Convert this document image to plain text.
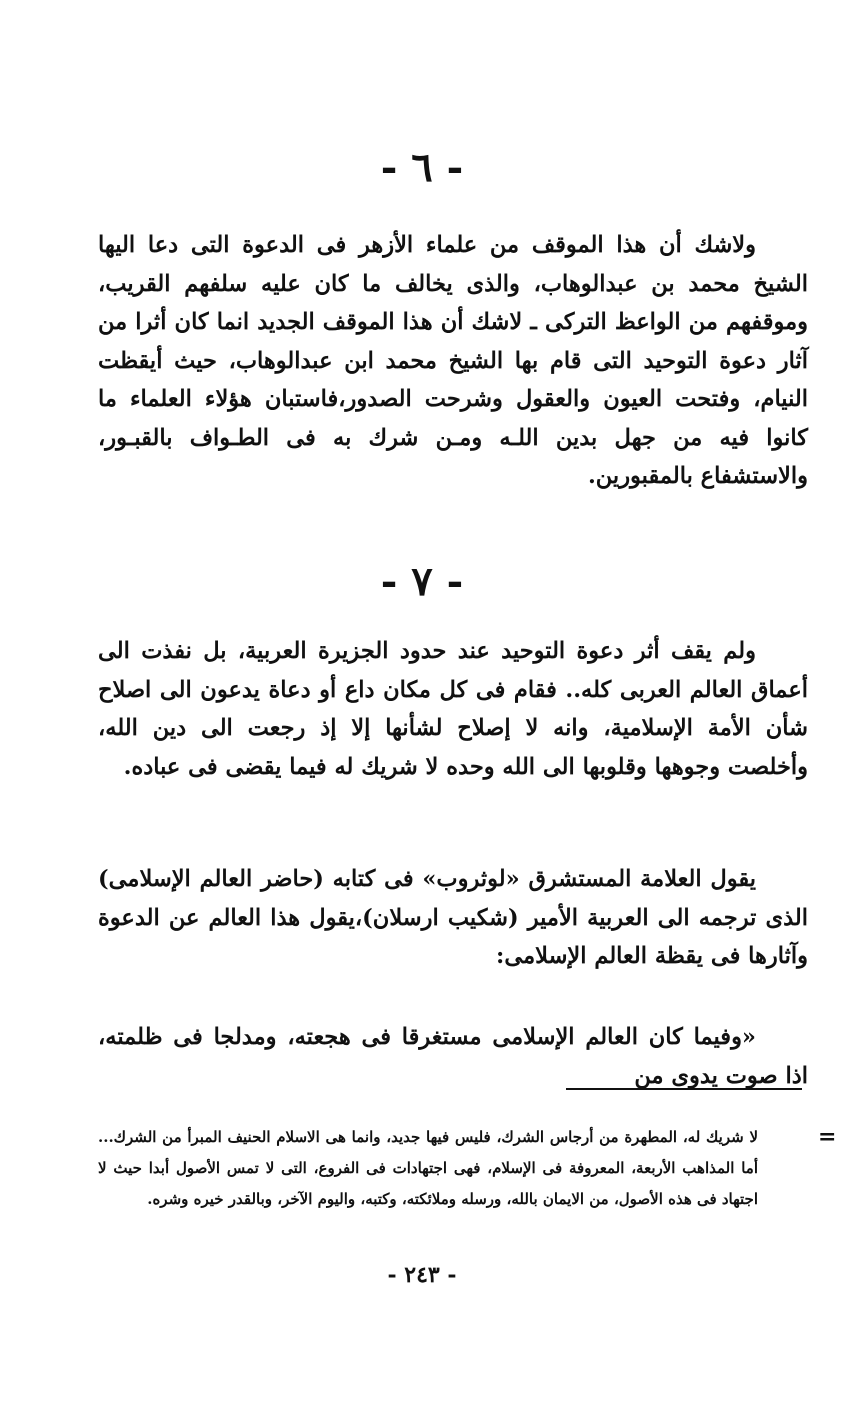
- ٦ -

ولاشك أن هذا الموقف من علماء الأزهر فى الدعوة التى دعا اليها الشيخ محمد بن عبدالوهاب، والذى يخالف ما كان عليه سلفهم القريب، وموقفهم من الواعظ التركى ـ لاشك أن هذا الموقف الجديد انما كان أثرا من آثار دعوة التوحيد التى قام بها الشيخ محمد ابن عبدالوهاب، حيث أيقظت النيام، وفتحت العيون والعقول وشرحت الصدور،فاستبان هؤلاء العلماء ما كانوا فيه من جهل بدين اللـه ومـن شرك به فى الطـواف بالقبـور، والاستشفاع بالمقبورين.

- ٧ -

ولم يقف أثر دعوة التوحيد عند حدود الجزيرة العربية، بل نفذت الى أعماق العالم العربى كله.. فقام فى كل مكان داع أو دعاة يدعون الى اصلاح شأن الأمة الإسلامية، وانه لا إصلاح لشأنها إلا إذ رجعت الى دين الله، وأخلصت وجوهها وقلوبها الى الله وحده لا شريك له فيما يقضى فى عباده.

يقول العلامة المستشرق «لوثروب» فى كتابه (حاضر العالم الإسلامى) الذى ترجمه الى العربية الأمير (شكيب ارسلان)،يقول هذا العالم عن الدعوة وآثارها فى يقظة العالم الإسلامى:

«وفيما كان العالم الإسلامى مستغرقا فى هجعته، ومدلجا فى ظلمته، اذا صوت يدوى من

=

لا شريك له، المطهرة من أرجاس الشرك، فليس فيها جديد، وانما هى الاسلام الحنيف المبرأ من الشرك... أما المذاهب الأربعة، المعروفة فى الإسلام، فهى اجتهادات فى الفروع، التى لا تمس الأصول أبدا حيث لا اجتهاد فى هذه الأصول، من الايمان بالله، ورسله وملائكته، وكتبه، واليوم الآخر، وبالقدر خيره وشره.

- ٢٤٣ -
